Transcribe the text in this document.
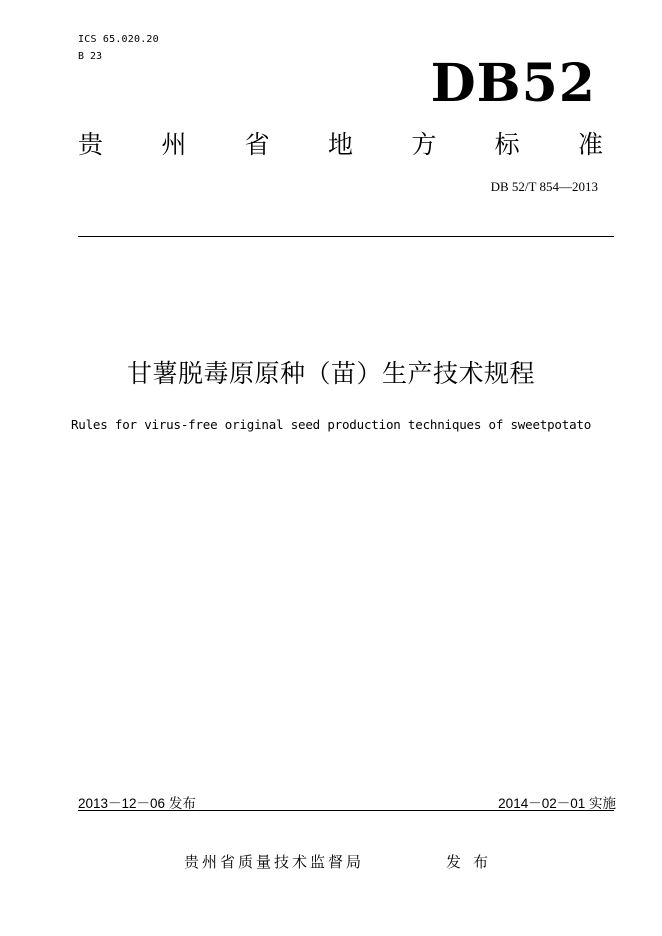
ICS 65.020.20
B 23	DB52
贵 州 省 地 方 标 准
DB 52/T 854—2013
甘薯脱毒原原种（苗）生产技术规程
Rules for virus-free original seed production techniques of sweetpotato
2013－12－06 发布	2014－02－01 实施
贵州省质量技术监督局	发布
